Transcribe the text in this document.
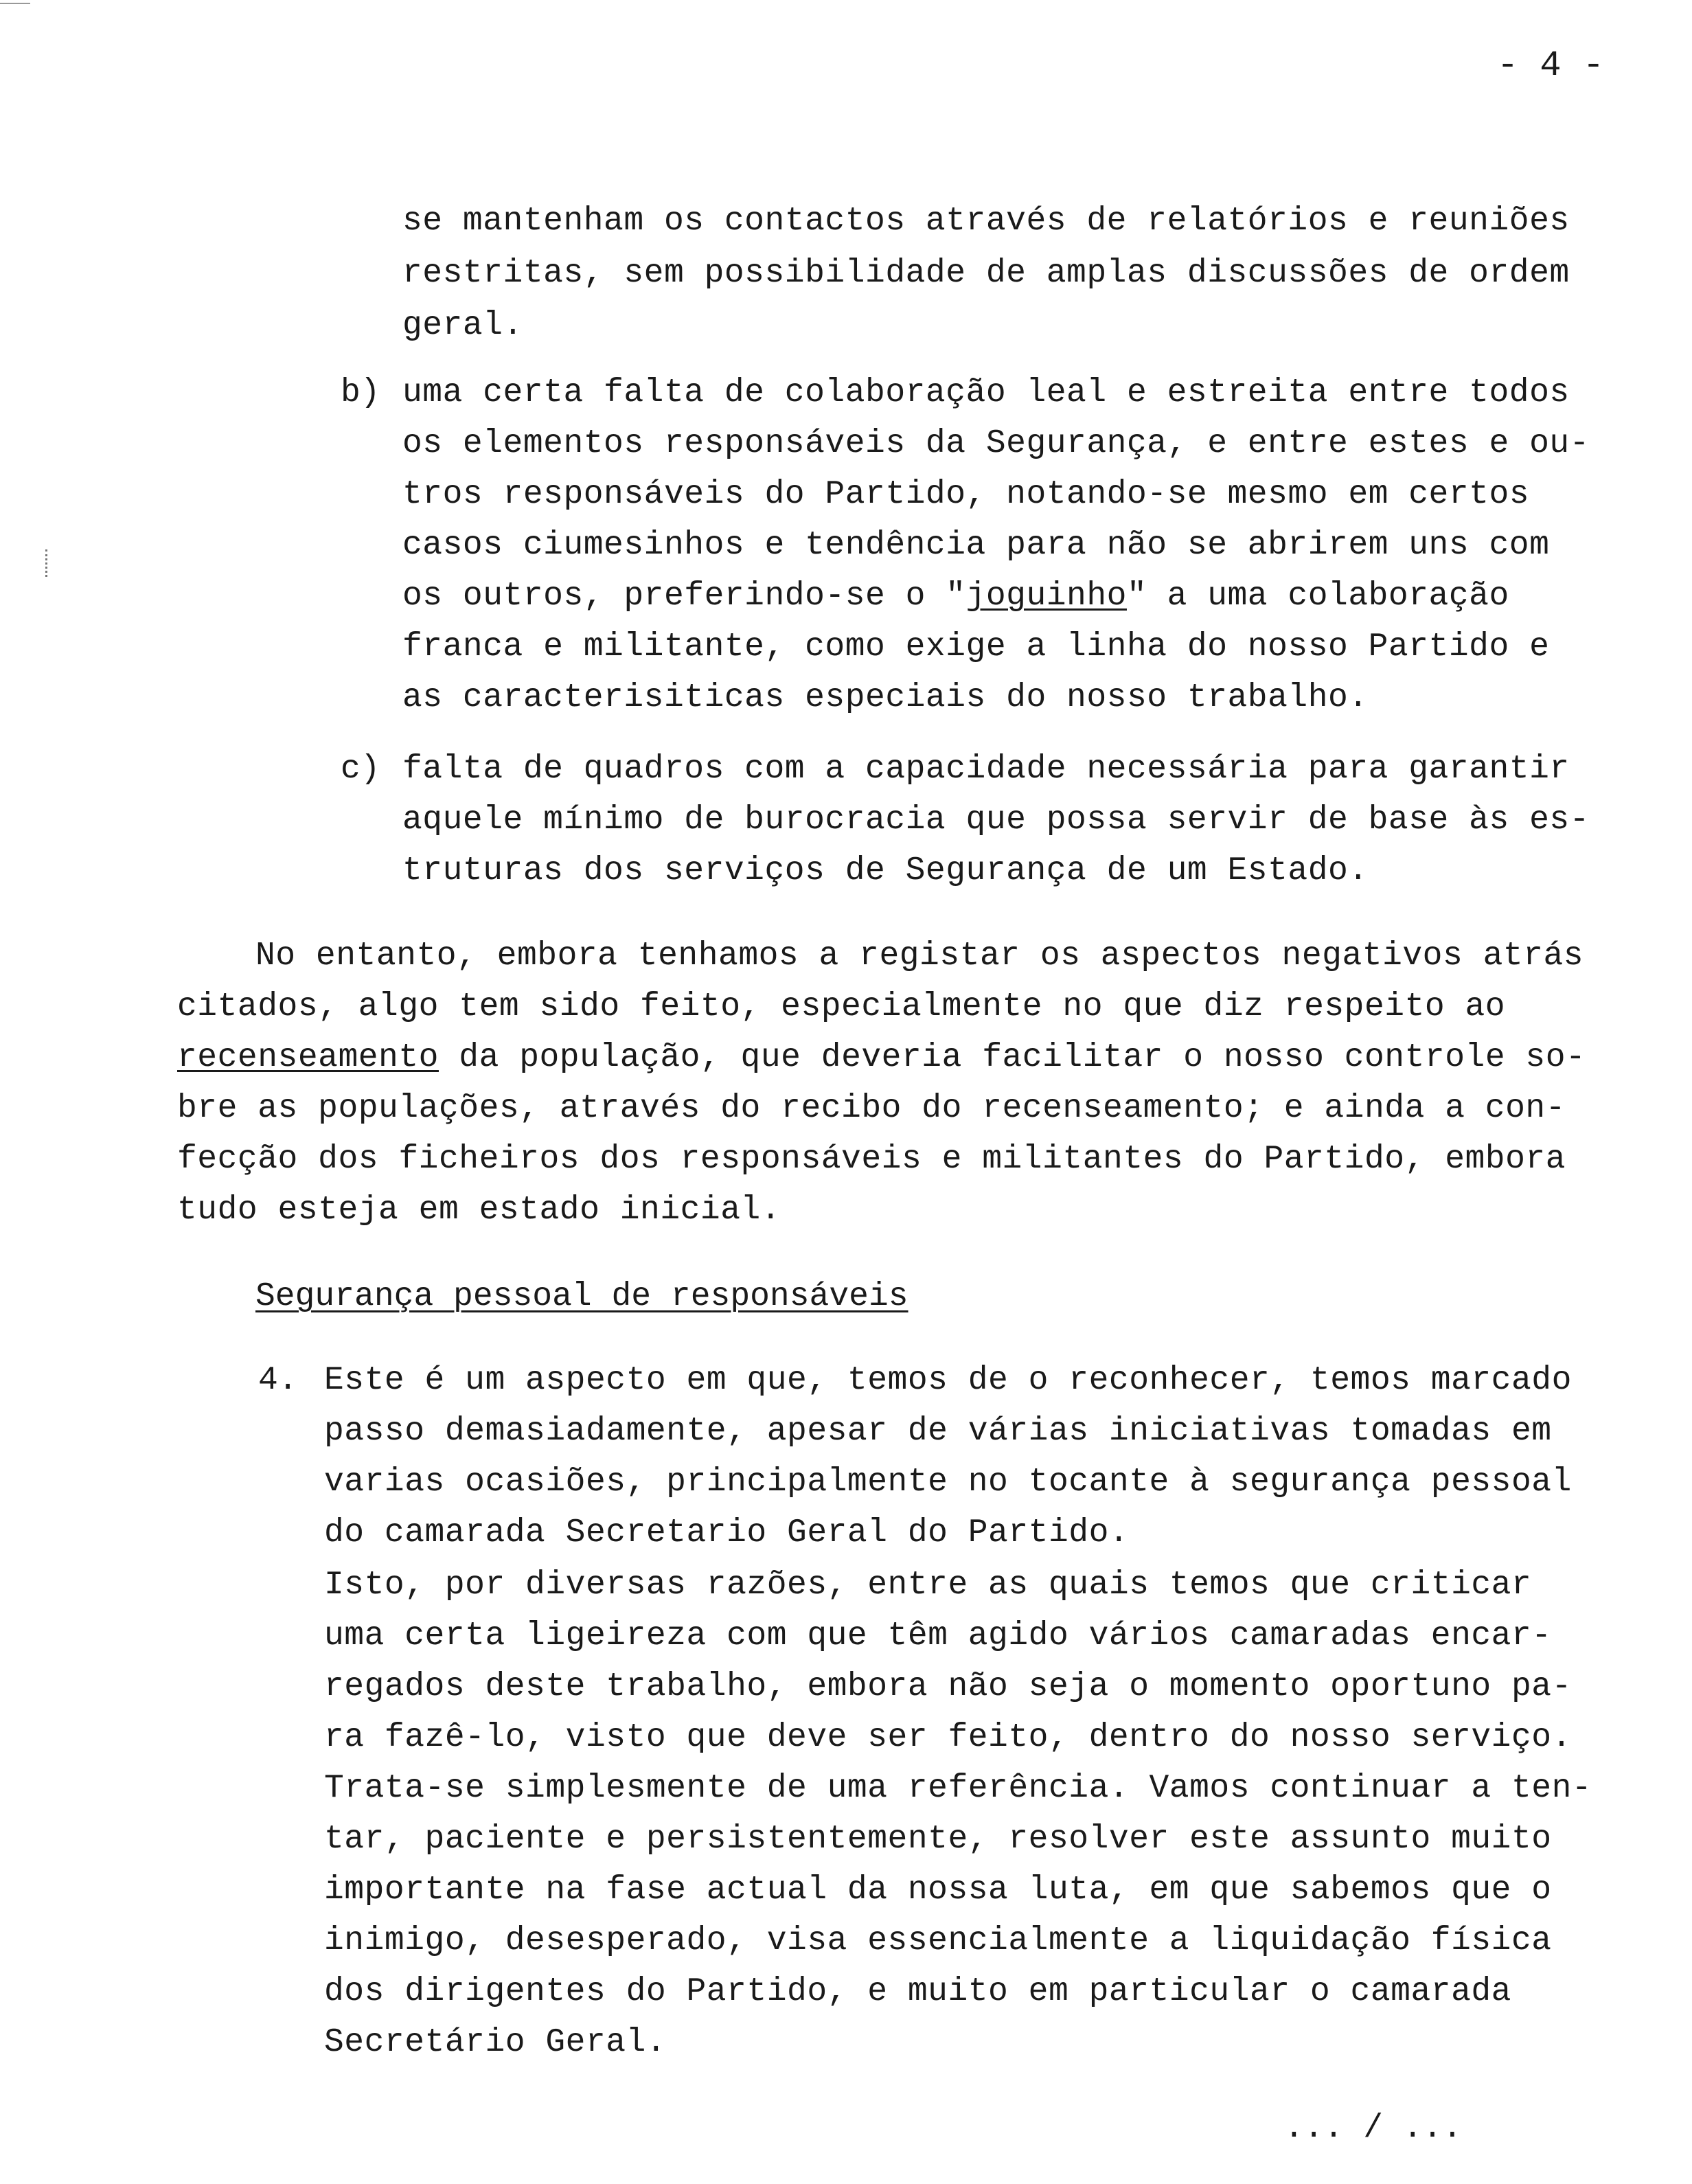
- 4 -
se mantenham os contactos através de relatórios e reuniões
restritas, sem possibilidade de amplas discussões de ordem
geral.
b) uma certa falta de colaboração leal e estreita entre todos
os elementos responsáveis da Segurança, e entre estes e ou-
tros responsáveis do Partido, notando-se mesmo em certos
casos ciumesinhos e tendência para não se abrirem uns com
os outros, preferindo-se o "joguinho" a uma colaboração
franca e militante, como exige a linha do nosso Partido e
as caracterisiticas especiais do nosso trabalho.
c) falta de quadros com a capacidade necessária para garantir
aquele mínimo de burocracia que possa servir de base às es-
truturas dos serviços de Segurança de um Estado.
No entanto, embora tenhamos a registar os aspectos negativos atrás
citados, algo tem sido feito, especialmente no que diz respeito ao
recenseamento da população, que deveria facilitar o nosso controle so-
bre as populações, através do recibo do recenseamento; e ainda a con-
fecção dos ficheiros dos responsáveis e militantes do Partido, embora
tudo esteja em estado inicial.
Segurança pessoal de responsáveis
4. Este é um aspecto em que, temos de o reconhecer, temos marcado
passo demasiadamente, apesar de várias iniciativas tomadas em
varias ocasiões, principalmente no tocante à segurança pessoal
do camarada Secretario Geral do Partido.
Isto, por diversas razões, entre as quais temos que criticar
uma certa ligeireza com que têm agido vários camaradas encar-
regados deste trabalho, embora não seja o momento oportuno pa-
ra fazê-lo, visto que deve ser feito, dentro do nosso serviço.
Trata-se simplesmente de uma referência. Vamos continuar a ten-
tar, paciente e persistentemente, resolver este assunto muito
importante na fase actual da nossa luta, em que sabemos que o
inimigo, desesperado, visa essencialmente a liquidação física
dos dirigentes do Partido, e muito em particular o camarada
Secretário Geral.
... / ...
